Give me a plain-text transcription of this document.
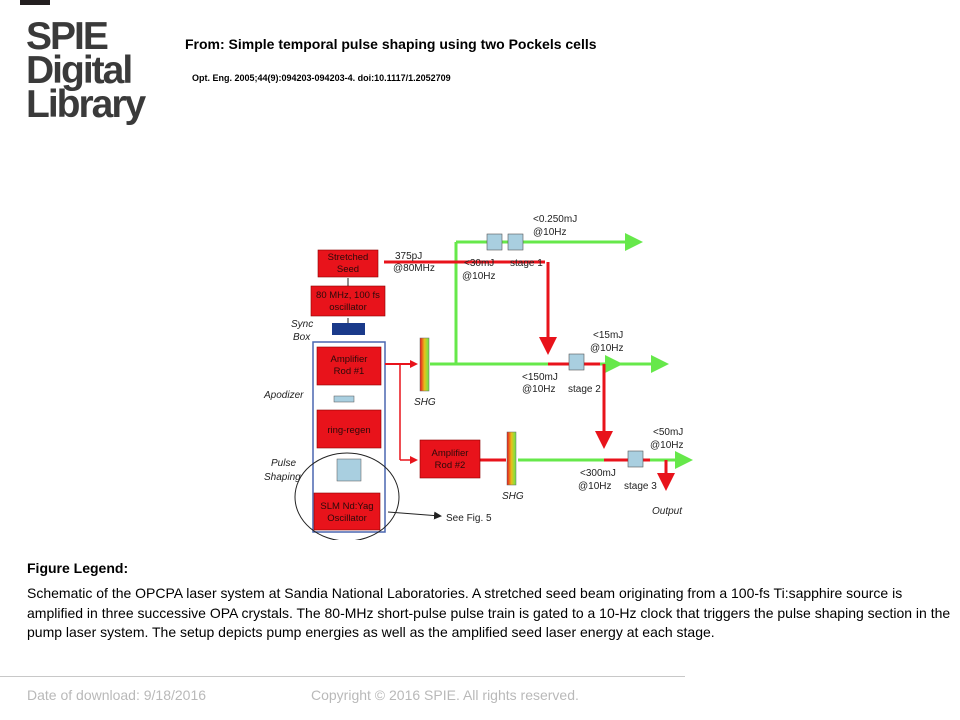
SPIE
Digital
Library
From: Simple temporal pulse shaping using two Pockels cells
Opt. Eng. 2005;44(9):094203-094203-4. doi:10.1117/1.2052709
Stretched
Seed
80 MHz, 100 fs
oscillator
Amplifier
Rod #1
ring-regen
SLM Nd:Yag
Oscillator
Amplifier
Rod #2
Sync
Box
Apodizer
Pulse
Shaping
SHG
SHG
Output
See Fig. 5
375pJ
@80MHz
<0.250mJ
@10Hz
<30mJ
@10Hz
stage 1
<15mJ
@10Hz
<150mJ
@10Hz stage 2
<50mJ
@10Hz
<300mJ
@10Hz stage 3
Figure Legend:
Schematic of the OPCPA laser system at Sandia National Laboratories. A stretched seed beam originating from a 100-fs Ti:sapphire source is amplified in three successive OPA crystals. The 80-MHz short-pulse pulse train is gated to a 10-Hz clock that triggers the pulse shaping section in the pump laser system. The setup depicts pump energies as well as the amplified seed laser energy at each stage.
Date of download: 9/18/2016	Copyright © 2016 SPIE. All rights reserved.
